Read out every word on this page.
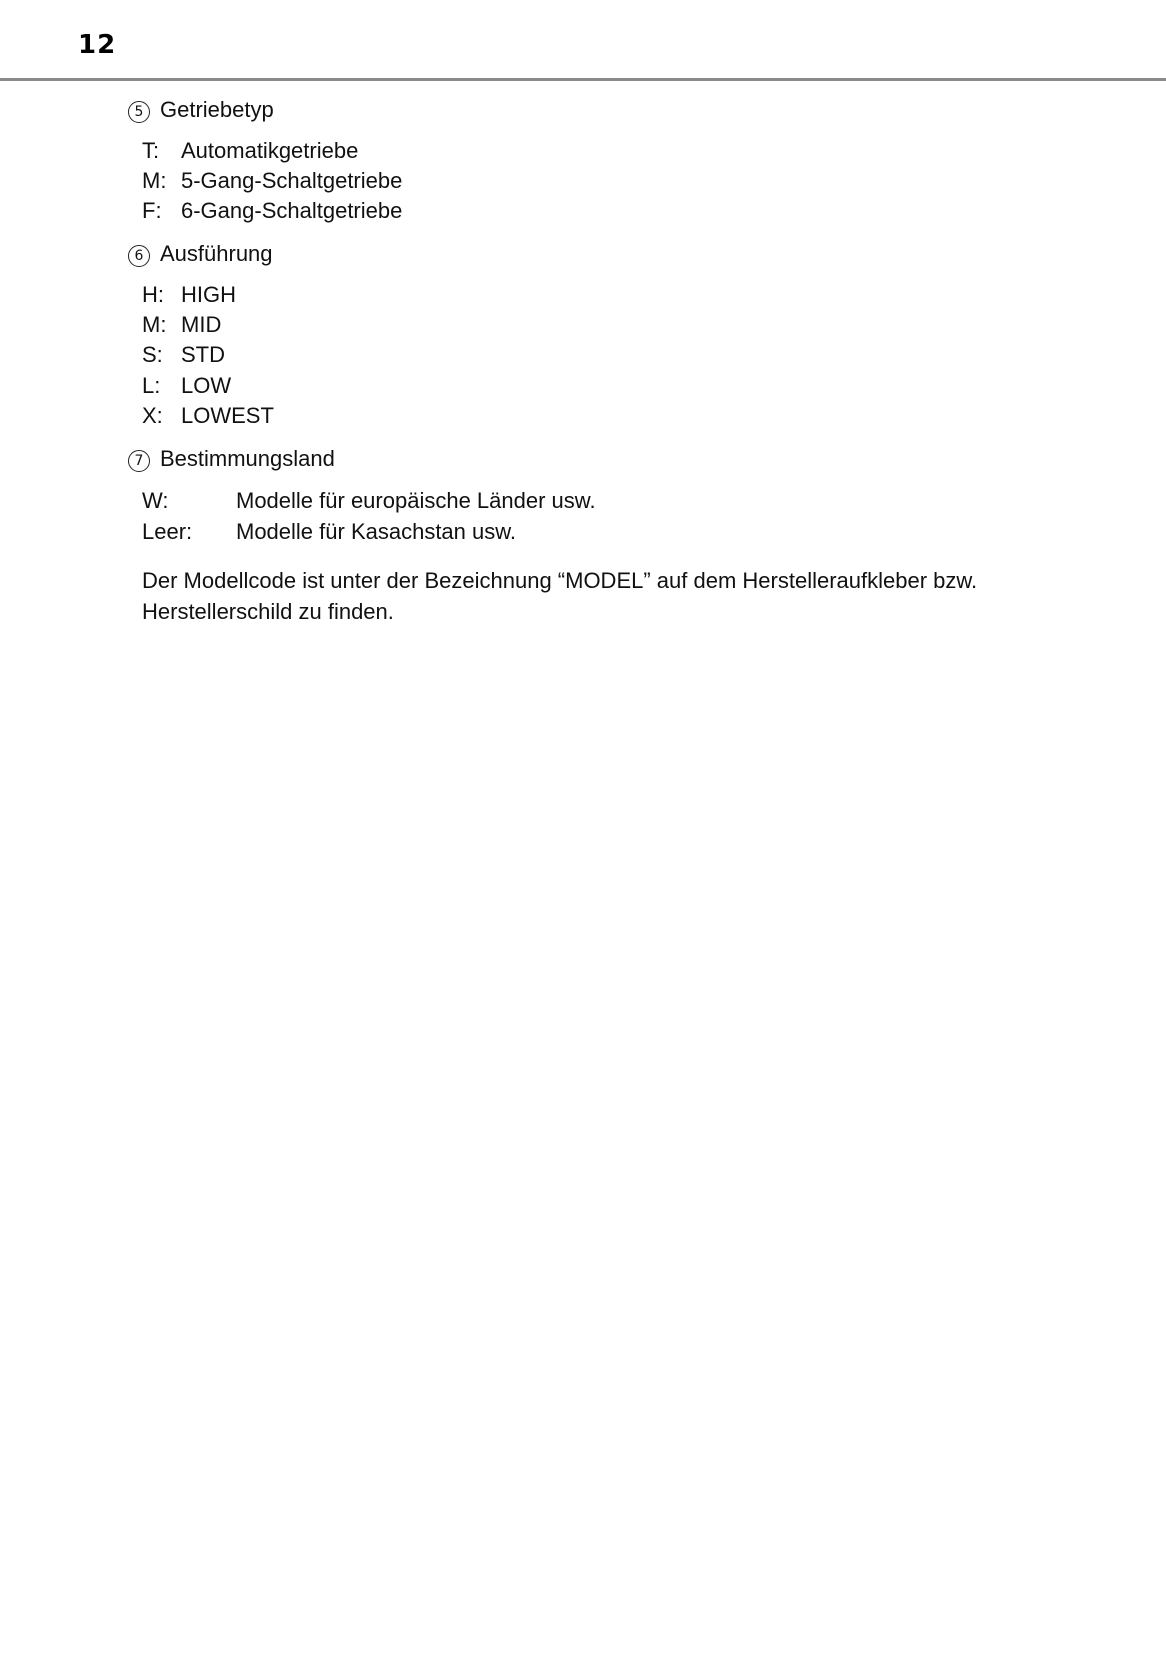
12
5 Getriebetyp
T: Automatikgetriebe
M: 5-Gang-Schaltgetriebe
F: 6-Gang-Schaltgetriebe
6 Ausführung
H: HIGH
M: MID
S: STD
L: LOW
X: LOWEST
7 Bestimmungsland
W:	Modelle für europäische Länder usw.
Leer: Modelle für Kasachstan usw.
Der Modellcode ist unter der Bezeichnung “MODEL” auf dem Herstelleraufkleber bzw. Herstellerschild zu finden.
